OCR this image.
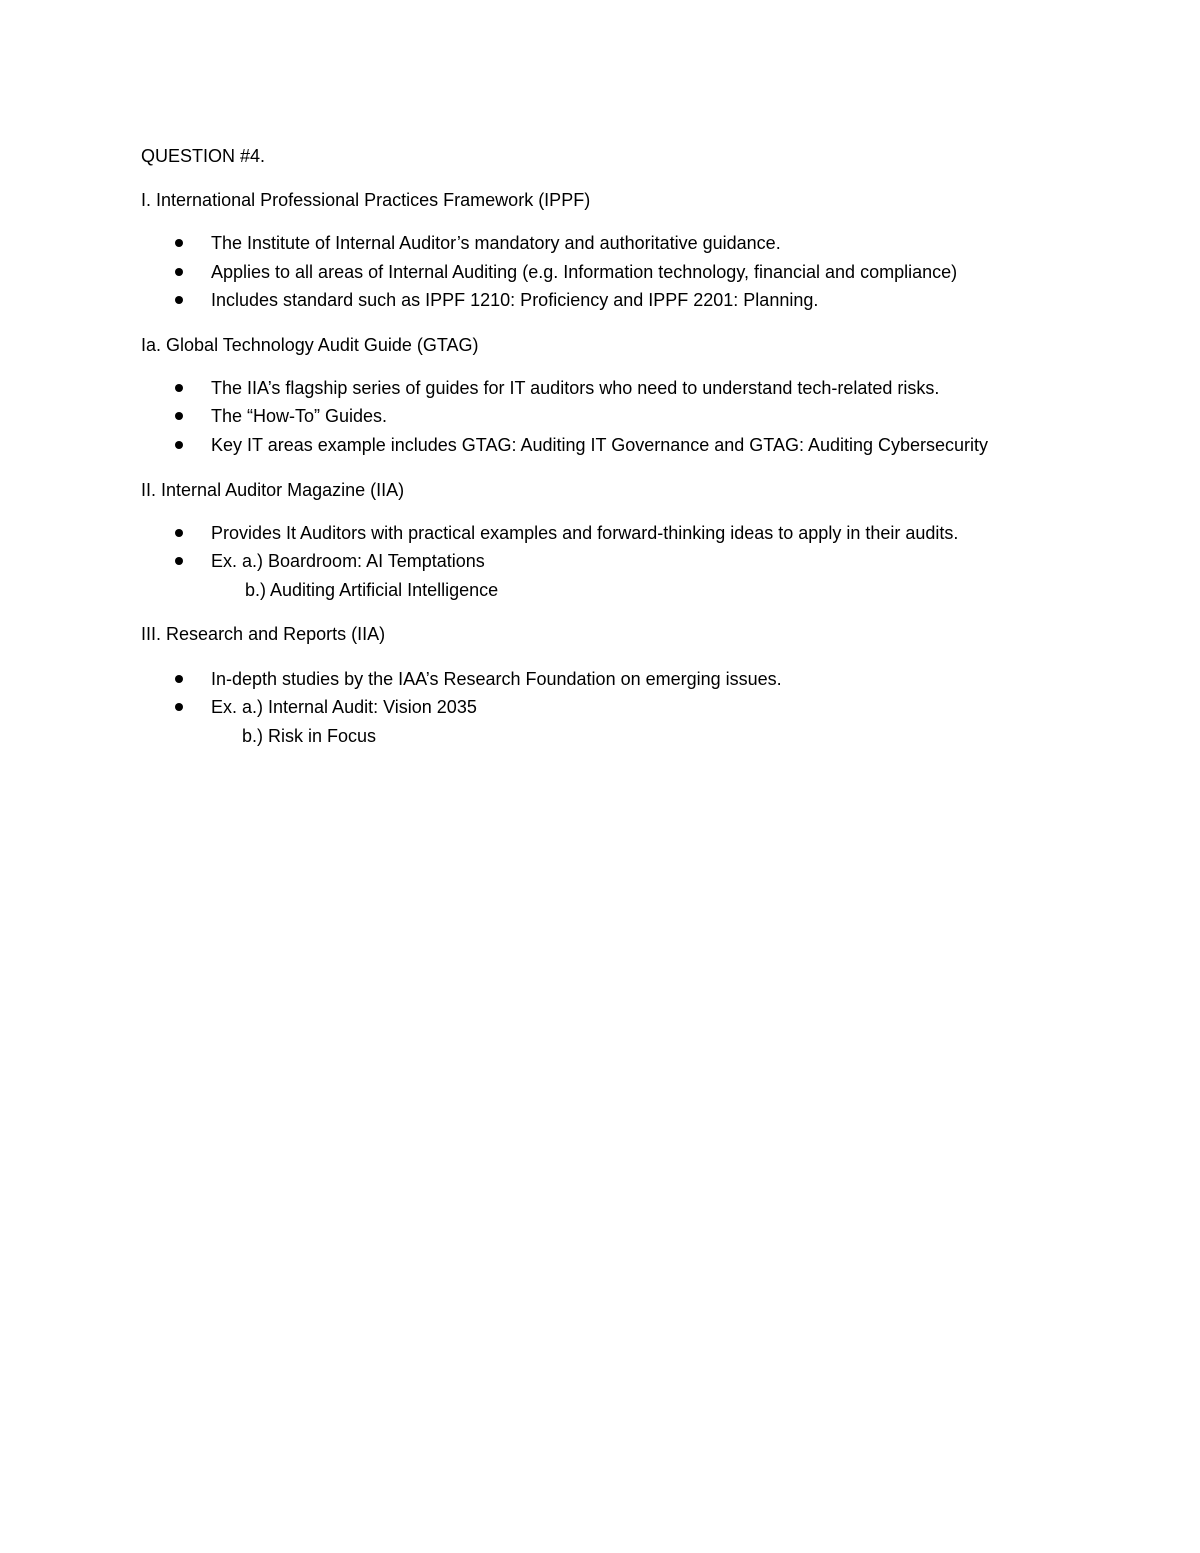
QUESTION #4.
I. International Professional Practices Framework (IPPF)
The Institute of Internal Auditor’s mandatory and authoritative guidance.
Applies to all areas of Internal Auditing (e.g. Information technology, financial and compliance)
Includes standard such as IPPF 1210: Proficiency and IPPF 2201: Planning.
Ia. Global Technology Audit Guide (GTAG)
The IIA’s flagship series of guides for IT auditors who need to understand tech-related risks.
The “How-To” Guides.
Key IT areas example includes GTAG: Auditing IT Governance and GTAG: Auditing Cybersecurity
II. Internal Auditor Magazine (IIA)
Provides It Auditors with practical examples and forward-thinking ideas to apply in their audits.
Ex. a.) Boardroom: AI Temptations
b.) Auditing Artificial Intelligence
III. Research and Reports (IIA)
In-depth studies by the IAA’s Research Foundation on emerging issues.
Ex. a.) Internal Audit: Vision 2035
b.) Risk in Focus
